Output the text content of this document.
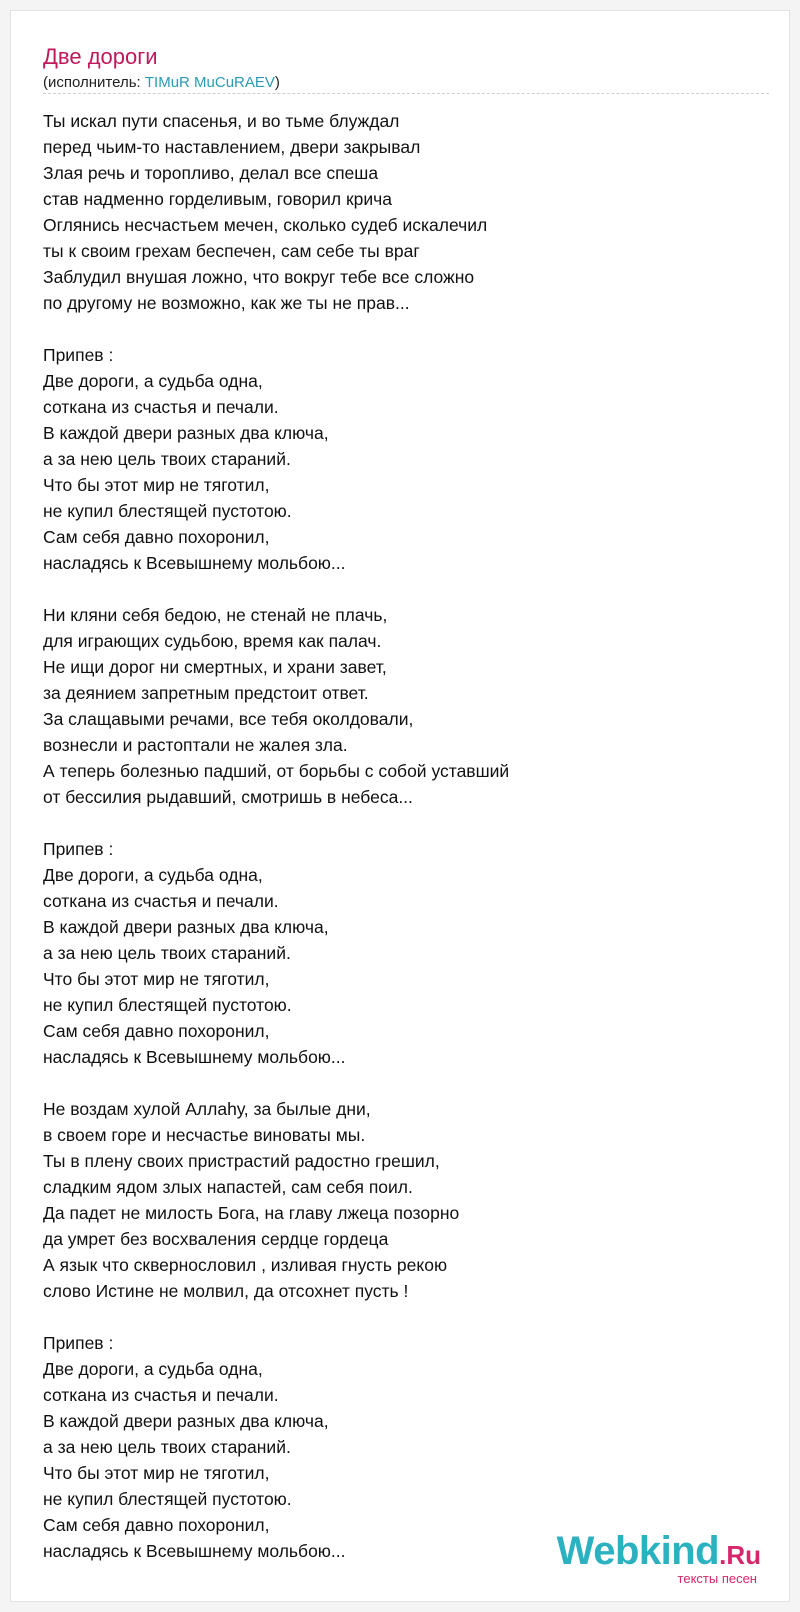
Две дороги
(исполнитель: TIMuR MuCuRAEV)
Ты искал пути спасенья, и во тьме блуждал
перед чьим-то наставлением, двери закрывал
Злая речь и торопливо, делал все спеша
став надменно горделивым, говорил крича
Оглянись несчастьем мечен, сколько судеб искалечил
ты к своим грехам беспечен, сам себе ты враг
Заблудил внушая ложно, что вокруг тебе все сложно
по другому не возможно, как же ты не прав...
Припев :
Две дороги, а судьба одна,
соткана из счастья и печали.
В каждой двери разных два ключа,
а за нею цель твоих стараний.
Что бы этот мир не тяготил,
не купил блестящей пустотою.
Сам себя давно похоронил,
насладясь к Всевышнему мольбою...
Ни кляни себя бедою, не стенай не плачь,
для играющих судьбою, время как палач.
Не ищи дорог ни смертных, и храни завет,
за деянием запретным предстоит ответ.
За слащавыми речами, все тебя околдовали,
вознесли и растоптали не жалея зла.
А теперь болезнью падший, от борьбы с собой уставший
от бессилия рыдавший, смотришь в небеса...
Припев :
Две дороги, а судьба одна,
соткана из счастья и печали.
В каждой двери разных два ключа,
а за нею цель твоих стараний.
Что бы этот мир не тяготил,
не купил блестящей пустотою.
Сам себя давно похоронил,
насладясь к Всевышнему мольбою...
Не воздам хулой Аллаhу, за былые дни,
в своем горе и несчастье виноваты мы.
Ты в плену своих пристрастий радостно грешил,
сладким ядом злых напастей, сам себя поил.
Да падет не милость Бога, на главу лжеца позорно
да умрет без восхваления сердце гордеца
А язык что сквернословил , изливая гнусть рекою
слово Истине не молвил, да отсохнет пусть !
Припев :
Две дороги, а судьба одна,
соткана из счастья и печали.
В каждой двери разных два ключа,
а за нею цель твоих стараний.
Что бы этот мир не тяготил,
не купил блестящей пустотою.
Сам себя давно похоронил,
насладясь к Всевышнему мольбою...	Webkind.Ru
тексты песен
